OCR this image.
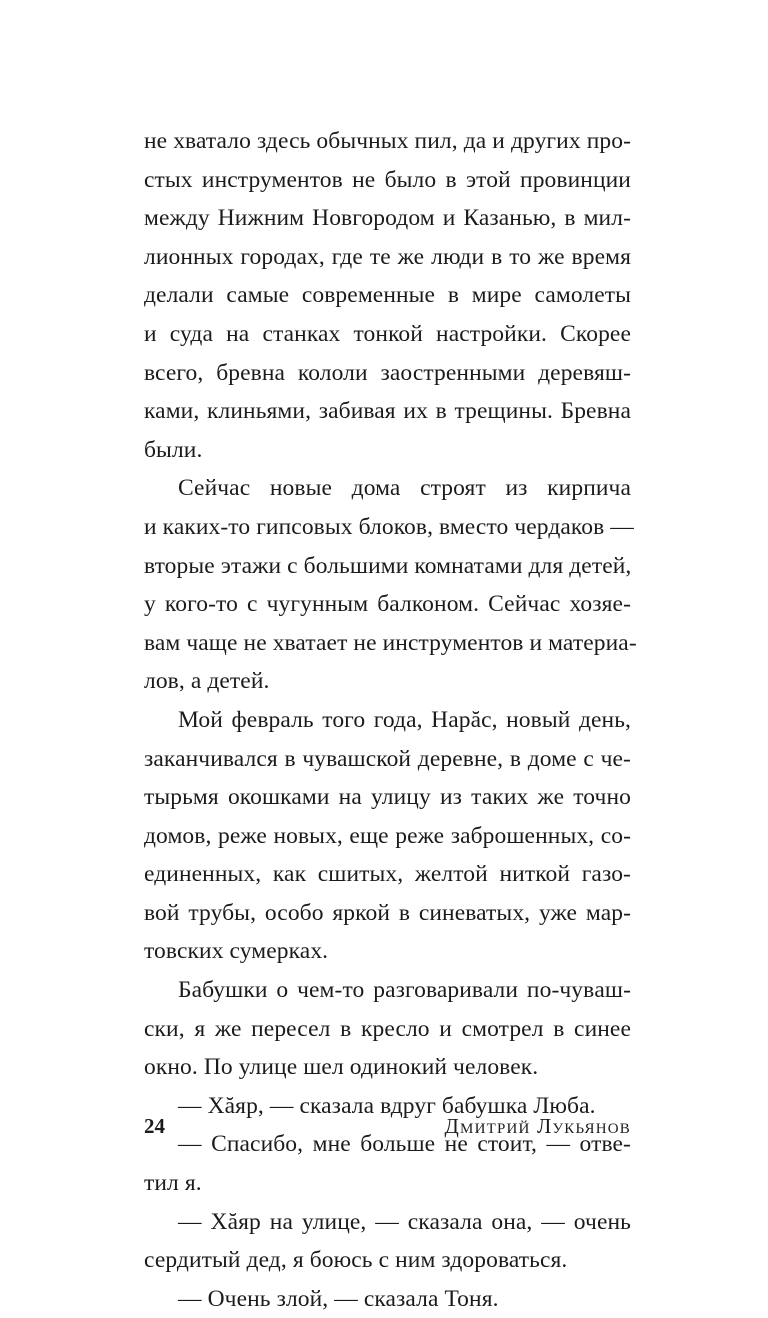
не хватало здесь обычных пил, да и других про-
стых инструментов не было в этой провинции
между Нижним Новгородом и Казанью, в мил-
лионных городах, где те же люди в то же время
делали самые современные в мире самолеты
и суда на станках тонкой настройки. Скорее
всего, бревна кололи заостренными деревяш-
ками, клиньями, забивая их в трещины. Бревна
были.
Сейчас новые дома строят из кирпича
и каких-то гипсовых блоков, вместо чердаков —
вторые этажи с большими комнатами для детей,
у кого-то с чугунным балконом. Сейчас хозяе-
вам чаще не хватает не инструментов и материа-
лов, а детей.
Мой февраль того года, Нарăс, новый день,
заканчивался в чувашской деревне, в доме с че-
тырьмя окошками на улицу из таких же точно
домов, реже новых, еще реже заброшенных, со-
единенных, как сшитых, желтой ниткой газо-
вой трубы, особо яркой в синеватых, уже мар-
товских сумерках.
Бабушки о чем-то разговаривали по-чувaш-
ски, я же пересел в кресло и смотрел в синее
окно. По улице шел одинокий человек.
— Хăяр, — сказала вдруг бабушка Люба.
— Спасибо, мне больше не стоит, — отве-
тил я.
— Хăяр на улице, — сказала она, — очень
сердитый дед, я боюсь с ним здороваться.
— Очень злой, — сказала Тоня.
24	Дмитрий Лукьянов
